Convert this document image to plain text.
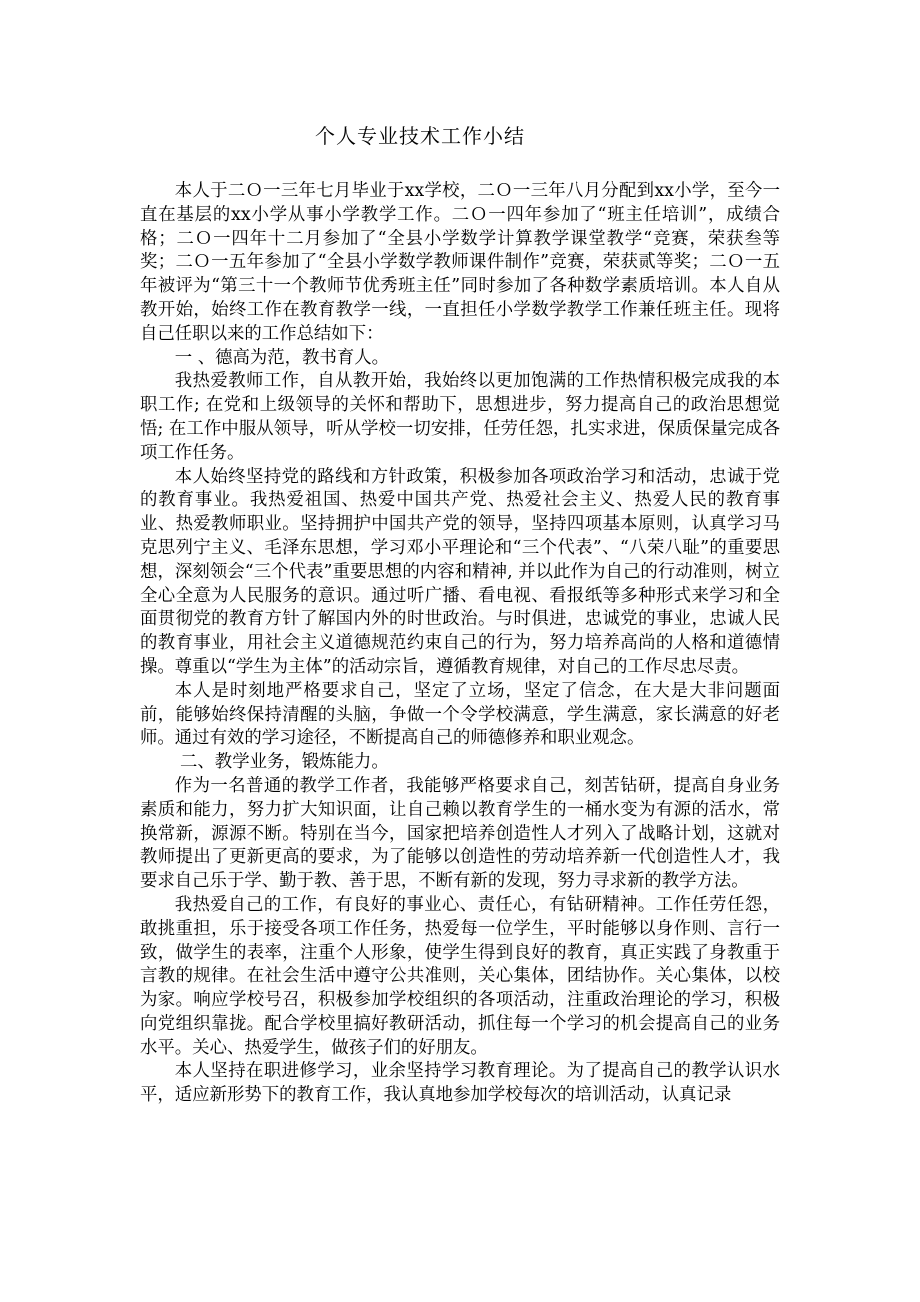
个人专业技术工作小结

本人于二Ｏ一三年七月毕业于xx学校，二Ｏ一三年八月分配到xx小学，至今一直在基层的xx小学从事小学教学工作。二Ｏ一四年参加了“班主任培训”，成绩合格；二Ｏ一四年十二月参加了“全县小学数学计算教学课堂教学“竞赛，荣获叁等奖；二Ｏ一五年参加了“全县小学数学教师课件制作”竞赛，荣获贰等奖；二Ｏ一五年被评为“第三十一个教师节优秀班主任”同时参加了各种数学素质培训。本人自从教开始，始终工作在教育教学一线，一直担任小学数学教学工作兼任班主任。现将自己任职以来的工作总结如下：

一 、德高为范，教书育人。

我热爱教师工作，自从教开始，我始终以更加饱满的工作热情积极完成我的本职工作; 在党和上级领导的关怀和帮助下，思想进步，努力提高自己的政治思想觉悟; 在工作中服从领导，听从学校一切安排，任劳任怨，扎实求进，保质保量完成各项工作任务。

本人始终坚持党的路线和方针政策，积极参加各项政治学习和活动，忠诚于党的教育事业。我热爱祖国、热爱中国共产党、热爱社会主义、热爱人民的教育事业、热爱教师职业。坚持拥护中国共产党的领导，坚持四项基本原则，认真学习马克思列宁主义、毛泽东思想，学习邓小平理论和“三个代表”、“八荣八耻”的重要思想，深刻领会“三个代表”重要思想的内容和精神, 并以此作为自己的行动准则，树立全心全意为人民服务的意识。通过听广播、看电视、看报纸等多种形式来学习和全面贯彻党的教育方针了解国内外的时世政治。与时俱进，忠诚党的事业，忠诚人民的教育事业，用社会主义道德规范约束自己的行为，努力培养高尚的人格和道德情操。尊重以“学生为主体”的活动宗旨，遵循教育规律，对自己的工作尽忠尽责。

本人是时刻地严格要求自己，坚定了立场，坚定了信念，在大是大非问题面前，能够始终保持清醒的头脑，争做一个令学校满意，学生满意，家长满意的好老师。通过有效的学习途径，不断提高自己的师德修养和职业观念。

二、教学业务，锻炼能力。

作为一名普通的教学工作者，我能够严格要求自己，刻苦钻研，提高自身业务素质和能力，努力扩大知识面，让自己赖以教育学生的一桶水变为有源的活水，常换常新，源源不断。特别在当今，国家把培养创造性人才列入了战略计划，这就对教师提出了更新更高的要求，为了能够以创造性的劳动培养新一代创造性人才，我要求自己乐于学、勤于教、善于思，不断有新的发现，努力寻求新的教学方法。

我热爱自己的工作，有良好的事业心、责任心，有钻研精神。工作任劳任怨，敢挑重担，乐于接受各项工作任务，热爱每一位学生，平时能够以身作则、言行一致，做学生的表率，注重个人形象，使学生得到良好的教育，真正实践了身教重于言教的规律。在社会生活中遵守公共准则，关心集体，团结协作。关心集体，以校为家。响应学校号召，积极参加学校组织的各项活动，注重政治理论的学习，积极向党组织靠拢。配合学校里搞好教研活动，抓住每一个学习的机会提高自己的业务水平。关心、热爱学生，做孩子们的好朋友。

本人坚持在职进修学习，业余坚持学习教育理论。为了提高自己的教学认识水平，适应新形势下的教育工作，我认真地参加学校每次的培训活动，认真记录
